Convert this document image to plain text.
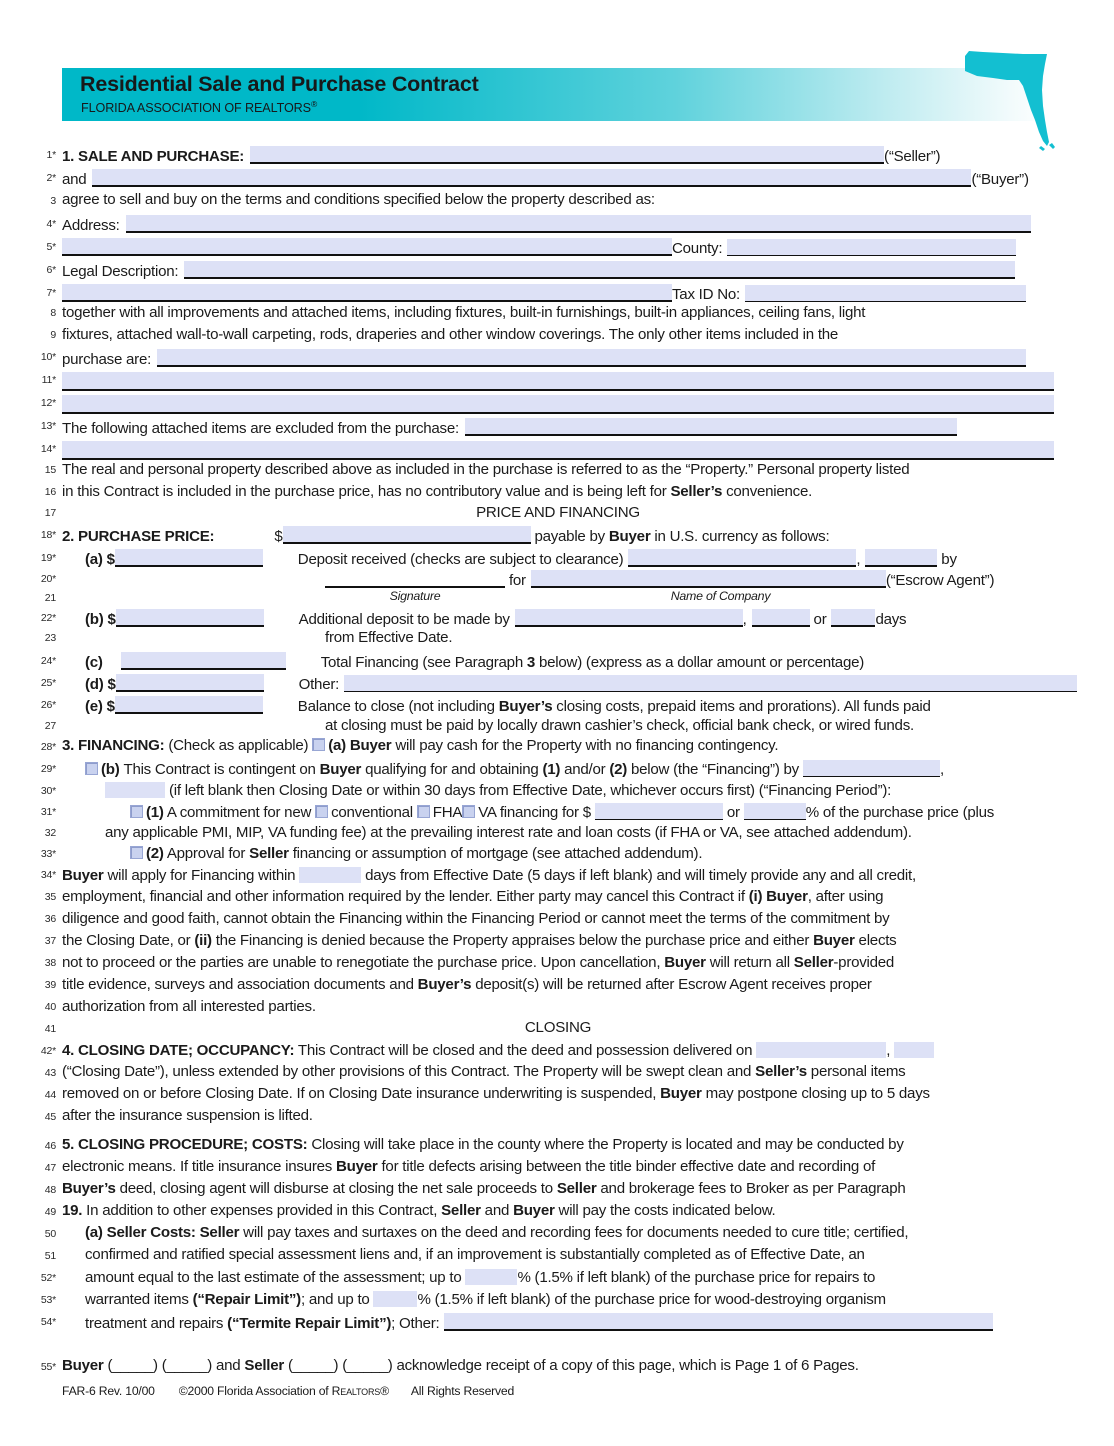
Residential Sale and Purchase Contract
FLORIDA ASSOCIATION OF REALTORS®
1*
2*
3
4*
5*
6*
7*
8
9
10*
11*
12*
13*
14*
15
16
17
18*
19*
20*
21
22*
23
24*
25*
26*
27
28*
29*
30*
31*
32
33*
34*
35
36
37
38
39
40
41
42*
43
44
45
46
47
48
49
50
51
52*
53*
54*
55*
1. SALE AND PURCHASE:	(“Seller”)
and	(“Buyer”)
agree to sell and buy on the terms and conditions specified below the property described as:
Address:
County:
Legal Description:
Tax ID No:
together with all improvements and attached items, including fixtures, built-in furnishings, built-in appliances, ceiling fans, light
fixtures, attached wall-to-wall carpeting, rods, draperies and other window coverings. The only other items included in the
purchase are:
The following attached items are excluded from the purchase:
The real and personal property described above as included in the purchase is referred to as the “Property.” Personal property listed
in this Contract is included in the purchase price, has no contributory value and is being left for Seller’s convenience.
PRICE AND FINANCING
2. PURCHASE PRICE:	$	payable by Buyer in U.S. currency as follows:
(a) $	Deposit received (checks are subject to clearance)	,	by
for	(“Escrow Agent”)
Signature	Name of Company
(b) $	Additional deposit to be made by	,	or	days
from Effective Date.
(c)	Total Financing (see Paragraph 3 below) (express as a dollar amount or percentage)
(d) $	Other:
(e) $	Balance to close (not including Buyer’s closing costs, prepaid items and prorations). All funds paid
at closing must be paid by locally drawn cashier’s check, official bank check, or wired funds.
3. FINANCING: (Check as applicable) (a) Buyer will pay cash for the Property with no financing contingency.
(b) This Contract is contingent on Buyer qualifying for and obtaining (1) and/or (2) below (the “Financing”) by	,
(if left blank then Closing Date or within 30 days from Effective Date, whichever occurs first) (“Financing Period”):
(1) A commitment for new conventional FHA VA financing for $	or	% of the purchase price (plus
any applicable PMI, MIP, VA funding fee) at the prevailing interest rate and loan costs (if FHA or VA, see attached addendum).
(2) Approval for Seller financing or assumption of mortgage (see attached addendum).
Buyer will apply for Financing within	days from Effective Date (5 days if left blank) and will timely provide any and all credit,
employment, financial and other information required by the lender. Either party may cancel this Contract if (i) Buyer, after using
diligence and good faith, cannot obtain the Financing within the Financing Period or cannot meet the terms of the commitment by
the Closing Date, or (ii) the Financing is denied because the Property appraises below the purchase price and either Buyer elects
not to proceed or the parties are unable to renegotiate the purchase price. Upon cancellation, Buyer will return all Seller-provided
title evidence, surveys and association documents and Buyer’s deposit(s) will be returned after Escrow Agent receives proper
authorization from all interested parties.
CLOSING
4. CLOSING DATE; OCCUPANCY: This Contract will be closed and the deed and possession delivered on	,
(“Closing Date”), unless extended by other provisions of this Contract. The Property will be swept clean and Seller’s personal items
removed on or before Closing Date. If on Closing Date insurance underwriting is suspended, Buyer may postpone closing up to 5 days
after the insurance suspension is lifted.
5. CLOSING PROCEDURE; COSTS: Closing will take place in the county where the Property is located and may be conducted by
electronic means. If title insurance insures Buyer for title defects arising between the title binder effective date and recording of
Buyer’s deed, closing agent will disburse at closing the net sale proceeds to Seller and brokerage fees to Broker as per Paragraph
19. In addition to other expenses provided in this Contract, Seller and Buyer will pay the costs indicated below.
(a) Seller Costs: Seller will pay taxes and surtaxes on the deed and recording fees for documents needed to cure title; certified,
confirmed and ratified special assessment liens and, if an improvement is substantially completed as of Effective Date, an
amount equal to the last estimate of the assessment; up to	% (1.5% if left blank) of the purchase price for repairs to
warranted items (“Repair Limit”); and up to	% (1.5% if left blank) of the purchase price for wood-destroying organism
treatment and repairs (“Termite Repair Limit”); Other:
Buyer (_____) (_____) and Seller (_____) (_____) acknowledge receipt of a copy of this page, which is Page 1 of 6 Pages.
FAR-6 Rev. 10/00 ©2000 Florida Association of Realtors® All Rights Reserved
